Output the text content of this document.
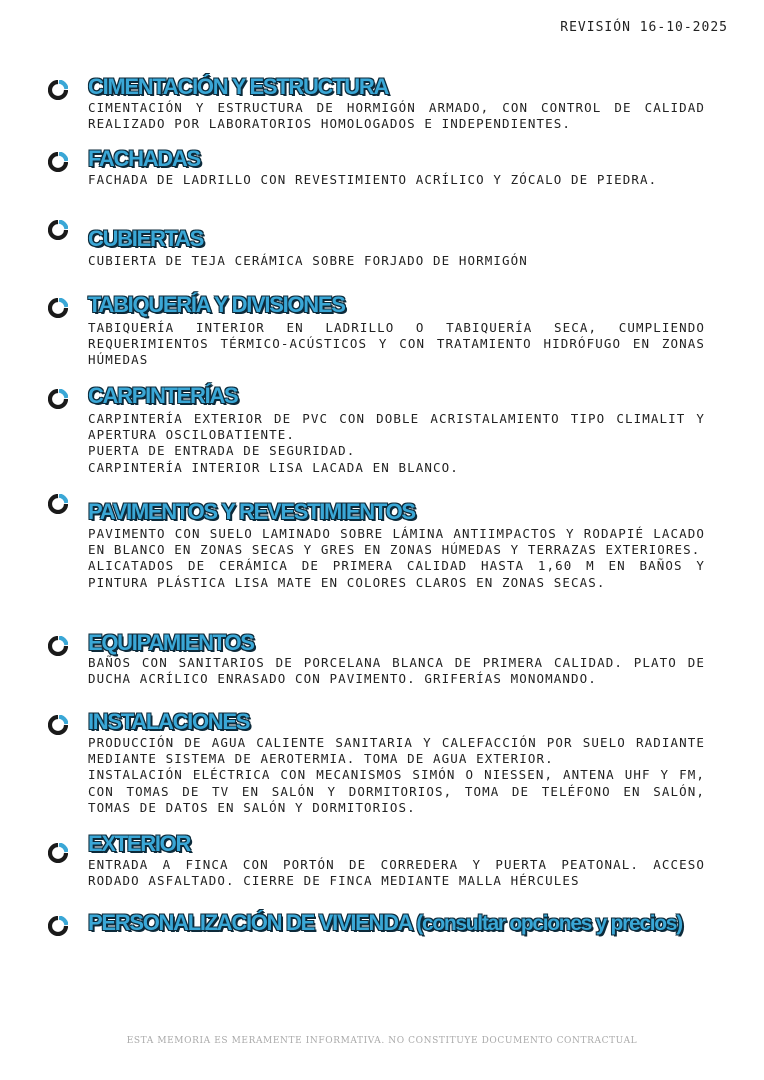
REVISIÓN 16-10-2025
CIMENTACIÓN Y ESTRUCTURA

CIMENTACIÓN Y ESTRUCTURA DE HORMIGÓN ARMADO, CON CONTROL DE CALIDAD REALIZADO POR LABORATORIOS HOMOLOGADOS E INDEPENDIENTES.

FACHADAS

FACHADA DE LADRILLO CON REVESTIMIENTO ACRÍLICO Y ZÓCALO DE PIEDRA.

CUBIERTAS

CUBIERTA DE TEJA CERÁMICA SOBRE FORJADO DE HORMIGÓN

TABIQUERÍA Y DIVISIONES

TABIQUERÍA INTERIOR EN LADRILLO O TABIQUERÍA SECA, CUMPLIENDO REQUERIMIENTOS TÉRMICO-ACÚSTICOS Y CON TRATAMIENTO HIDRÓFUGO EN ZONAS HÚMEDAS

CARPINTERÍAS

CARPINTERÍA EXTERIOR DE PVC CON DOBLE ACRISTALAMIENTO TIPO CLIMALIT Y APERTURA OSCILOBATIENTE.

PUERTA DE ENTRADA DE SEGURIDAD.

CARPINTERÍA INTERIOR LISA LACADA EN BLANCO.

PAVIMENTOS Y REVESTIMIENTOS

PAVIMENTO CON SUELO LAMINADO SOBRE LÁMINA ANTIIMPACTOS Y RODAPIÉ LACADO EN BLANCO EN ZONAS SECAS Y GRES EN ZONAS HÚMEDAS Y TERRAZAS EXTERIORES.

ALICATADOS DE CERÁMICA DE PRIMERA CALIDAD HASTA 1,60 M EN BAÑOS Y PINTURA PLÁSTICA LISA MATE EN COLORES CLAROS EN ZONAS SECAS.

EQUIPAMIENTOS

BAÑOS CON SANITARIOS DE PORCELANA BLANCA DE PRIMERA CALIDAD. PLATO DE DUCHA ACRÍLICO ENRASADO CON PAVIMENTO. GRIFERÍAS MONOMANDO.

INSTALACIONES

PRODUCCIÓN DE AGUA CALIENTE SANITARIA Y CALEFACCIÓN POR SUELO RADIANTE MEDIANTE SISTEMA DE AEROTERMIA. TOMA DE AGUA EXTERIOR.

INSTALACIÓN ELÉCTRICA CON MECANISMOS SIMÓN O NIESSEN, ANTENA UHF Y FM, CON TOMAS DE TV EN SALÓN Y DORMITORIOS, TOMA DE TELÉFONO EN SALÓN, TOMAS DE DATOS EN SALÓN Y DORMITORIOS.

EXTERIOR

ENTRADA A FINCA CON PORTÓN DE CORREDERA Y PUERTA PEATONAL. ACCESO RODADO ASFALTADO. CIERRE DE FINCA MEDIANTE MALLA HÉRCULES

PERSONALIZACIÓN DE VIVIENDA (consultar opciones y precios)
ESTA MEMORIA ES MERAMENTE INFORMATIVA. NO CONSTITUYE DOCUMENTO CONTRACTUAL
